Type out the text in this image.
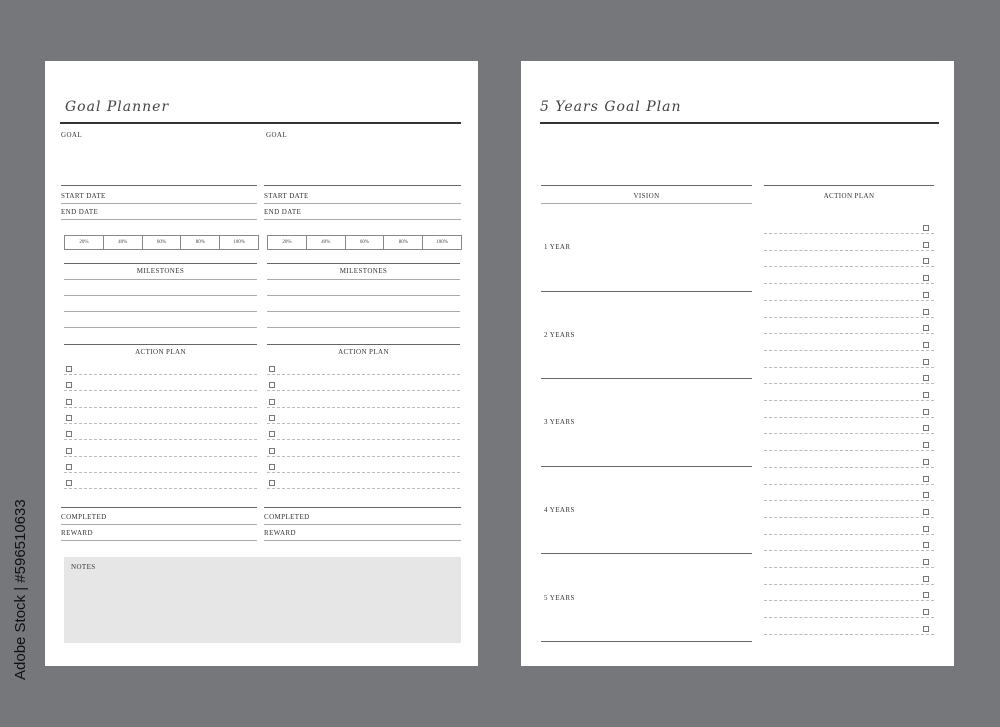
Goal Planner
GOAL
START DATE
END DATE
20%	40%	60%	80%	100%
MILESTONES
ACTION PLAN
COMPLETED
REWARD
GOAL
START DATE
END DATE
20%	40%	60%	80%	100%
MILESTONES
ACTION PLAN
COMPLETED
REWARD
NOTES
5 Years Goal Plan
VISION
1 YEAR
2 YEARS
3 YEARS
4 YEARS
5 YEARS
ACTION PLAN
Adobe Stock | #596510633
